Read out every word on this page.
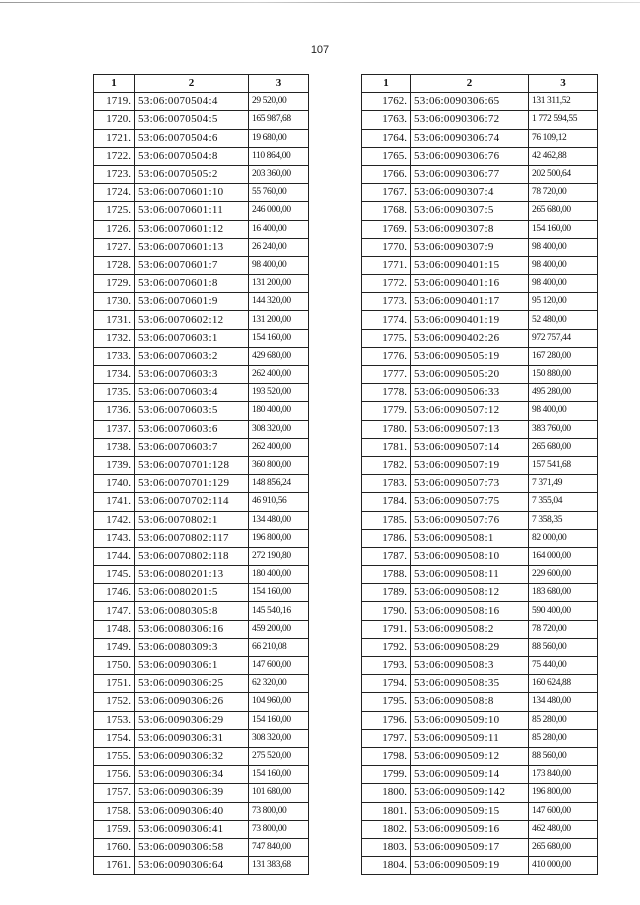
107
1	2	3
1719.	53:06:0070504:4	29 520,00
1720.	53:06:0070504:5	165 987,68
1721.	53:06:0070504:6	19 680,00
1722.	53:06:0070504:8	110 864,00
1723.	53:06:0070505:2	203 360,00
1724.	53:06:0070601:10	55 760,00
1725.	53:06:0070601:11	246 000,00
1726.	53:06:0070601:12	16 400,00
1727.	53:06:0070601:13	26 240,00
1728.	53:06:0070601:7	98 400,00
1729.	53:06:0070601:8	131 200,00
1730.	53:06:0070601:9	144 320,00
1731.	53:06:0070602:12	131 200,00
1732.	53:06:0070603:1	154 160,00
1733.	53:06:0070603:2	429 680,00
1734.	53:06:0070603:3	262 400,00
1735.	53:06:0070603:4	193 520,00
1736.	53:06:0070603:5	180 400,00
1737.	53:06:0070603:6	308 320,00
1738.	53:06:0070603:7	262 400,00
1739.	53:06:0070701:128	360 800,00
1740.	53:06:0070701:129	148 856,24
1741.	53:06:0070702:114	46 910,56
1742.	53:06:0070802:1	134 480,00
1743.	53:06:0070802:117	196 800,00
1744.	53:06:0070802:118	272 190,80
1745.	53:06:0080201:13	180 400,00
1746.	53:06:0080201:5	154 160,00
1747.	53:06:0080305:8	145 540,16
1748.	53:06:0080306:16	459 200,00
1749.	53:06:0080309:3	66 210,08
1750.	53:06:0090306:1	147 600,00
1751.	53:06:0090306:25	62 320,00
1752.	53:06:0090306:26	104 960,00
1753.	53:06:0090306:29	154 160,00
1754.	53:06:0090306:31	308 320,00
1755.	53:06:0090306:32	275 520,00
1756.	53:06:0090306:34	154 160,00
1757.	53:06:0090306:39	101 680,00
1758.	53:06:0090306:40	73 800,00
1759.	53:06:0090306:41	73 800,00
1760.	53:06:0090306:58	747 840,00
1761.	53:06:0090306:64	131 383,68
1	2	3
1762.	53:06:0090306:65	131 311,52
1763.	53:06:0090306:72	1 772 594,55
1764.	53:06:0090306:74	76 109,12
1765.	53:06:0090306:76	42 462,88
1766.	53:06:0090306:77	202 500,64
1767.	53:06:0090307:4	78 720,00
1768.	53:06:0090307:5	265 680,00
1769.	53:06:0090307:8	154 160,00
1770.	53:06:0090307:9	98 400,00
1771.	53:06:0090401:15	98 400,00
1772.	53:06:0090401:16	98 400,00
1773.	53:06:0090401:17	95 120,00
1774.	53:06:0090401:19	52 480,00
1775.	53:06:0090402:26	972 757,44
1776.	53:06:0090505:19	167 280,00
1777.	53:06:0090505:20	150 880,00
1778.	53:06:0090506:33	495 280,00
1779.	53:06:0090507:12	98 400,00
1780.	53:06:0090507:13	383 760,00
1781.	53:06:0090507:14	265 680,00
1782.	53:06:0090507:19	157 541,68
1783.	53:06:0090507:73	7 371,49
1784.	53:06:0090507:75	7 355,04
1785.	53:06:0090507:76	7 358,35
1786.	53:06:0090508:1	82 000,00
1787.	53:06:0090508:10	164 000,00
1788.	53:06:0090508:11	229 600,00
1789.	53:06:0090508:12	183 680,00
1790.	53:06:0090508:16	590 400,00
1791.	53:06:0090508:2	78 720,00
1792.	53:06:0090508:29	88 560,00
1793.	53:06:0090508:3	75 440,00
1794.	53:06:0090508:35	160 624,88
1795.	53:06:0090508:8	134 480,00
1796.	53:06:0090509:10	85 280,00
1797.	53:06:0090509:11	85 280,00
1798.	53:06:0090509:12	88 560,00
1799.	53:06:0090509:14	173 840,00
1800.	53:06:0090509:142	196 800,00
1801.	53:06:0090509:15	147 600,00
1802.	53:06:0090509:16	462 480,00
1803.	53:06:0090509:17	265 680,00
1804.	53:06:0090509:19	410 000,00
